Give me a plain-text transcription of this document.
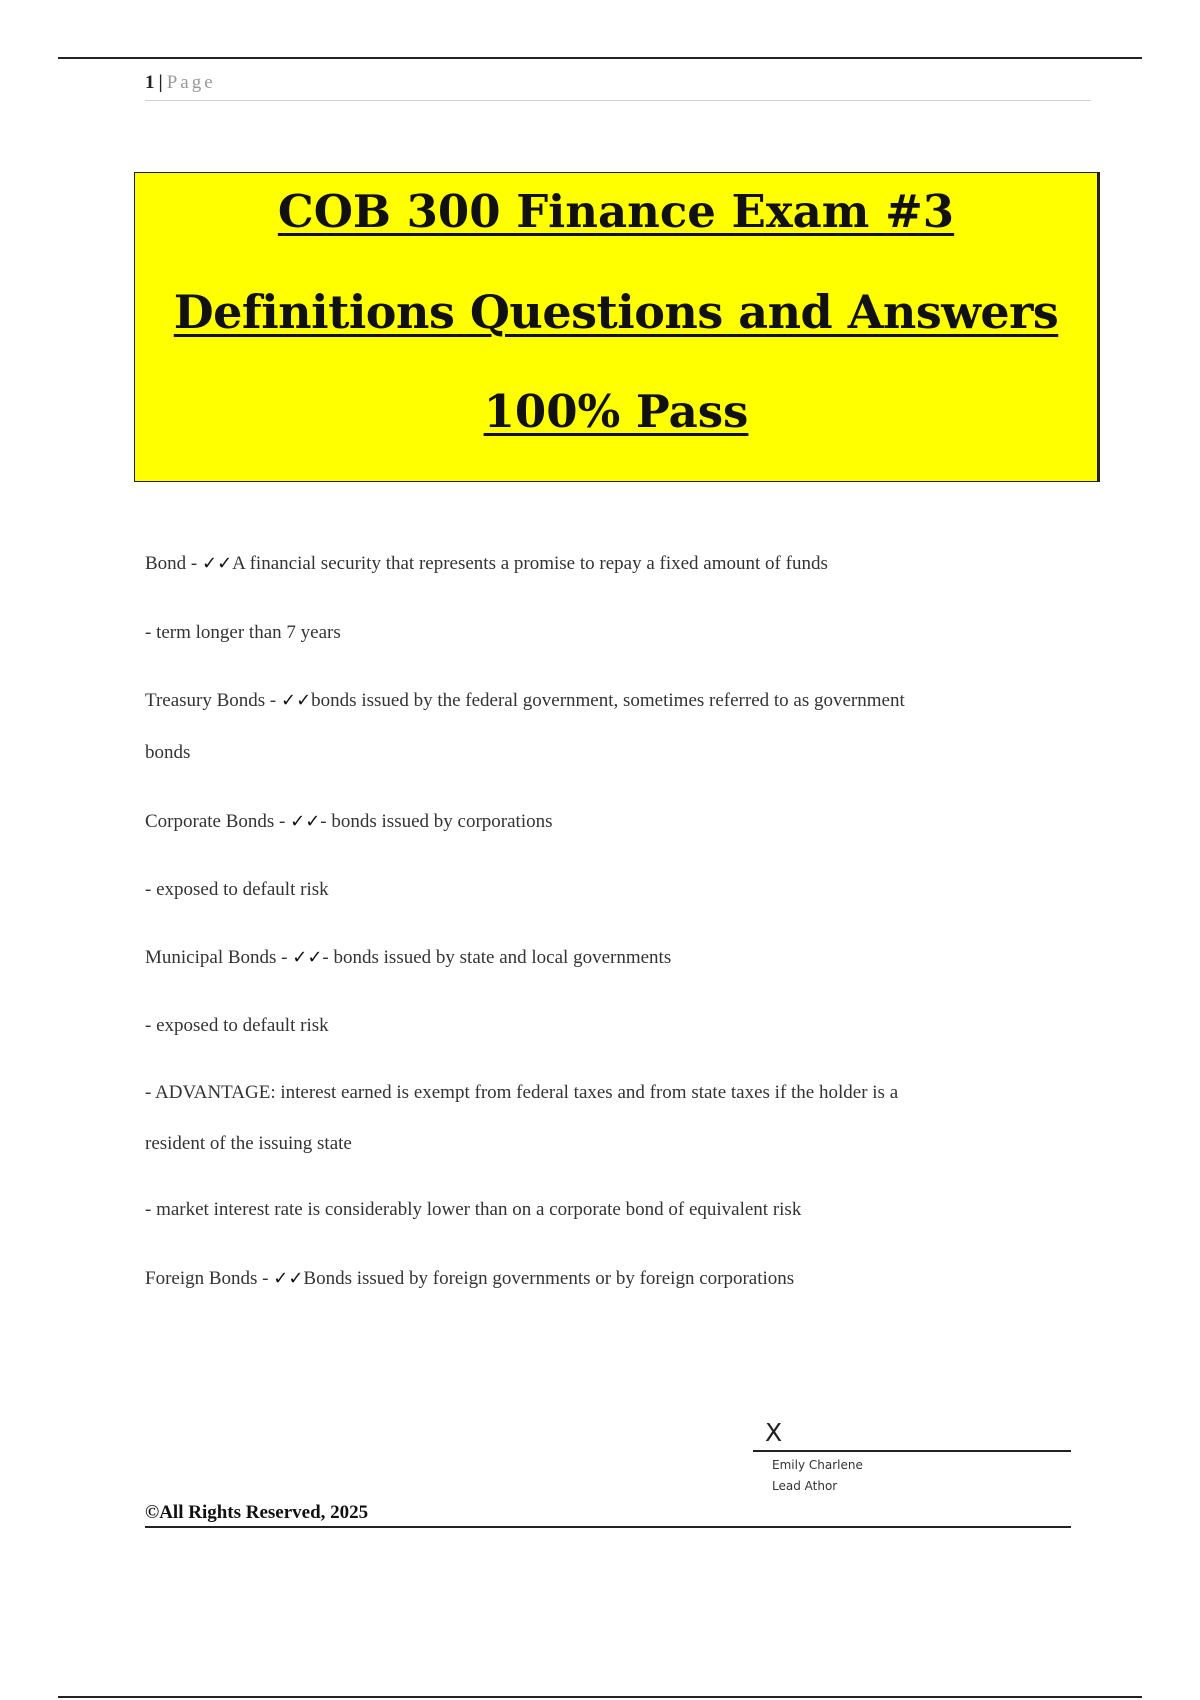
1 | Page
COB 300 Finance Exam #3
Definitions Questions and Answers
100% Pass
Bond - ✓✓A financial security that represents a promise to repay a fixed amount of funds
- term longer than 7 years
Treasury Bonds - ✓✓bonds issued by the federal government, sometimes referred to as government
bonds
Corporate Bonds - ✓✓- bonds issued by corporations
- exposed to default risk
Municipal Bonds - ✓✓- bonds issued by state and local governments
- exposed to default risk
- ADVANTAGE: interest earned is exempt from federal taxes and from state taxes if the holder is a
resident of the issuing state
- market interest rate is considerably lower than on a corporate bond of equivalent risk
Foreign Bonds - ✓✓Bonds issued by foreign governments or by foreign corporations
X
Emily Charlene
Lead Athor
©All Rights Reserved, 2025
